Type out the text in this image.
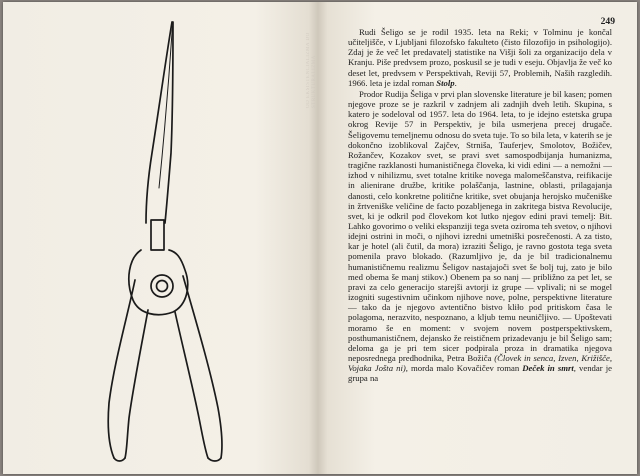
OD EKSISTENCIALIZMA DO STRUKTURALIZMA
249

Rudi Šeligo se je rodil 1935. leta na Reki; v Tolminu je končal učiteljišče, v Ljubljani filozofsko fakulteto (čisto filozofijo in psihologijo). Zdaj je že več let predavatelj statistike na Višji šoli za organizacijo dela v Kranju. Piše predvsem prozo, poskusil se je tudi v eseju. Objavlja že več ko deset let, predvsem v Perspektivah, Reviji 57, Problemih, Naših razgledih. 1966. leta je izdal roman Stolp.

Prodor Rudija Šeliga v prvi plan slovenske literature je bil kasen; pomen njegove proze se je razkril v zadnjem ali zadnjih dveh letih. Skupina, s katero je sodeloval od 1957. leta do 1964. leta, to je idejno estetska grupa okrog Revije 57 in Perspektiv, je bila usmerjena precej drugače. Šeligovemu temeljnemu odnosu do sveta tuje. To so bila leta, v katerih se je dokončno izoblikoval Zajčev, Strniša, Tauferjev, Smolotov, Božičev, Rožančev, Kozakov svet, se pravi svet samospodbijanja humanizma, tragične razklanosti humanističnega človeka, ki vidi edini — a nemožni — izhod v nihilizmu, svet totalne kritike novega malomeščanstva, reifikacije in alienirane družbe, kritike polaščanja, lastnine, oblasti, prilagajanja danosti, celo konkretne politične kritike, svet obujanja herojsko mučeniške in žrtveniške veličine de facto pozabljenega in zakritega bistva Revolucije, svet, ki je odkril pod človekom kot lutko njegov edini pravi temelj: Bit. Lahko govorimo o veliki ekspanziji tega sveta oziroma teh svetov, o njihovi idejni ostrini in moči, o njihovi izredni umetniški posrečenosti. A za tisto, kar je hotel (ali čutil, da mora) izraziti Šeligo, je ravno gostota tega sveta pomenila pravo blokado. (Razumljivo je, da je bil tradicionalnemu humanističnemu realizmu Šeligov nastajajoči svet še bolj tuj, zato je bilo med obema še manj stikov.) Obenem pa so nanj — približno za pet let, se pravi za celo generacijo starejši avtorji iz grupe — vplivali; ni se mogel izogniti sugestivnim učinkom njihove nove, polne, perspektivne literature — tako da je njegovo avtentično bistvo kliło pod pritiskom časa le polagoma, nerazvito, nespoznano, a kljub temu neuničljivo. — Upoštevati moramo še en moment: v svojem novem postperspektivskem, posthumanističnem, dejansko že reističnem prizadevanju je bil Šeligo sam; deloma ga je pri tem sicer podpirala proza in dramatika njegova neposrednega predhodnika, Petra Božiča (Človek in senca, Izven, Križišče, Vojaka Jošta ni), morda malo Kovačičev roman Deček in smrt, vendar je grupa na
